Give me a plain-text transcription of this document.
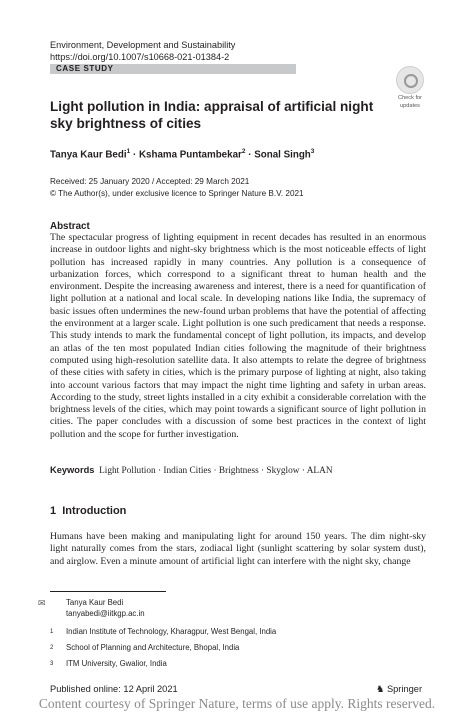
Environment, Development and Sustainability
https://doi.org/10.1007/s10668-021-01384-2
CASE STUDY
Check for
updates
Light pollution in India: appraisal of artificial night sky brightness of cities
Tanya Kaur Bedi$^1$ · Kshama Puntambekar$^2$ · Sonal Singh$^3$
Received: 25 January 2020 / Accepted: 29 March 2021
© The Author(s), under exclusive licence to Springer Nature B.V. 2021
Abstract

The spectacular progress of lighting equipment in recent decades has resulted in an enormous increase in outdoor lights and night-sky brightness which is the most noticeable effects of light pollution has increased rapidly in many countries. Any pollution is a consequence of urbanization forces, which correspond to a significant threat to human health and the environment. Despite the increasing awareness and interest, there is a need for quantification of light pollution at a national and local scale. In developing nations like India, the supremacy of basic issues often undermines the new-found urban problems that have the potential of affecting the environment at a larger scale. Light pollution is one such predicament that needs a response. This study intends to mark the fundamental concept of light pollution, its impacts, and develop an atlas of the ten most populated Indian cities following the magnitude of their brightness computed using high-resolution satellite data. It also attempts to relate the degree of brightness of these cities with safety in cities, which is the primary purpose of lighting at night, also taking into account various factors that may impact the night time lighting and safety in urban areas. According to the study, street lights installed in a city exhibit a considerable correlation with the brightness levels of the cities, which may point towards a significant source of light pollution in cities. The paper concludes with a discussion of some best practices in the context of light pollution and the scope for further investigation.

Keywords Light Pollution · Indian Cities · Brightness · Skyglow · ALAN
1 Introduction

Humans have been making and manipulating light for around 150 years. The dim night-sky light naturally comes from the stars, zodiacal light (sunlight scattering by solar system dust), and airglow. Even a minute amount of artificial light can interfere with the night sky, change

✉	Tanya Kaur Bedi
tanyabedi@iitkgp.ac.in
1 Indian Institute of Technology, Kharagpur, West Bengal, India
2 School of Planning and Architecture, Bhopal, India
3 ITM University, Gwalior, India
Published online: 12 April 2021	♞ Springer
Content courtesy of Springer Nature, terms of use apply. Rights reserved.
